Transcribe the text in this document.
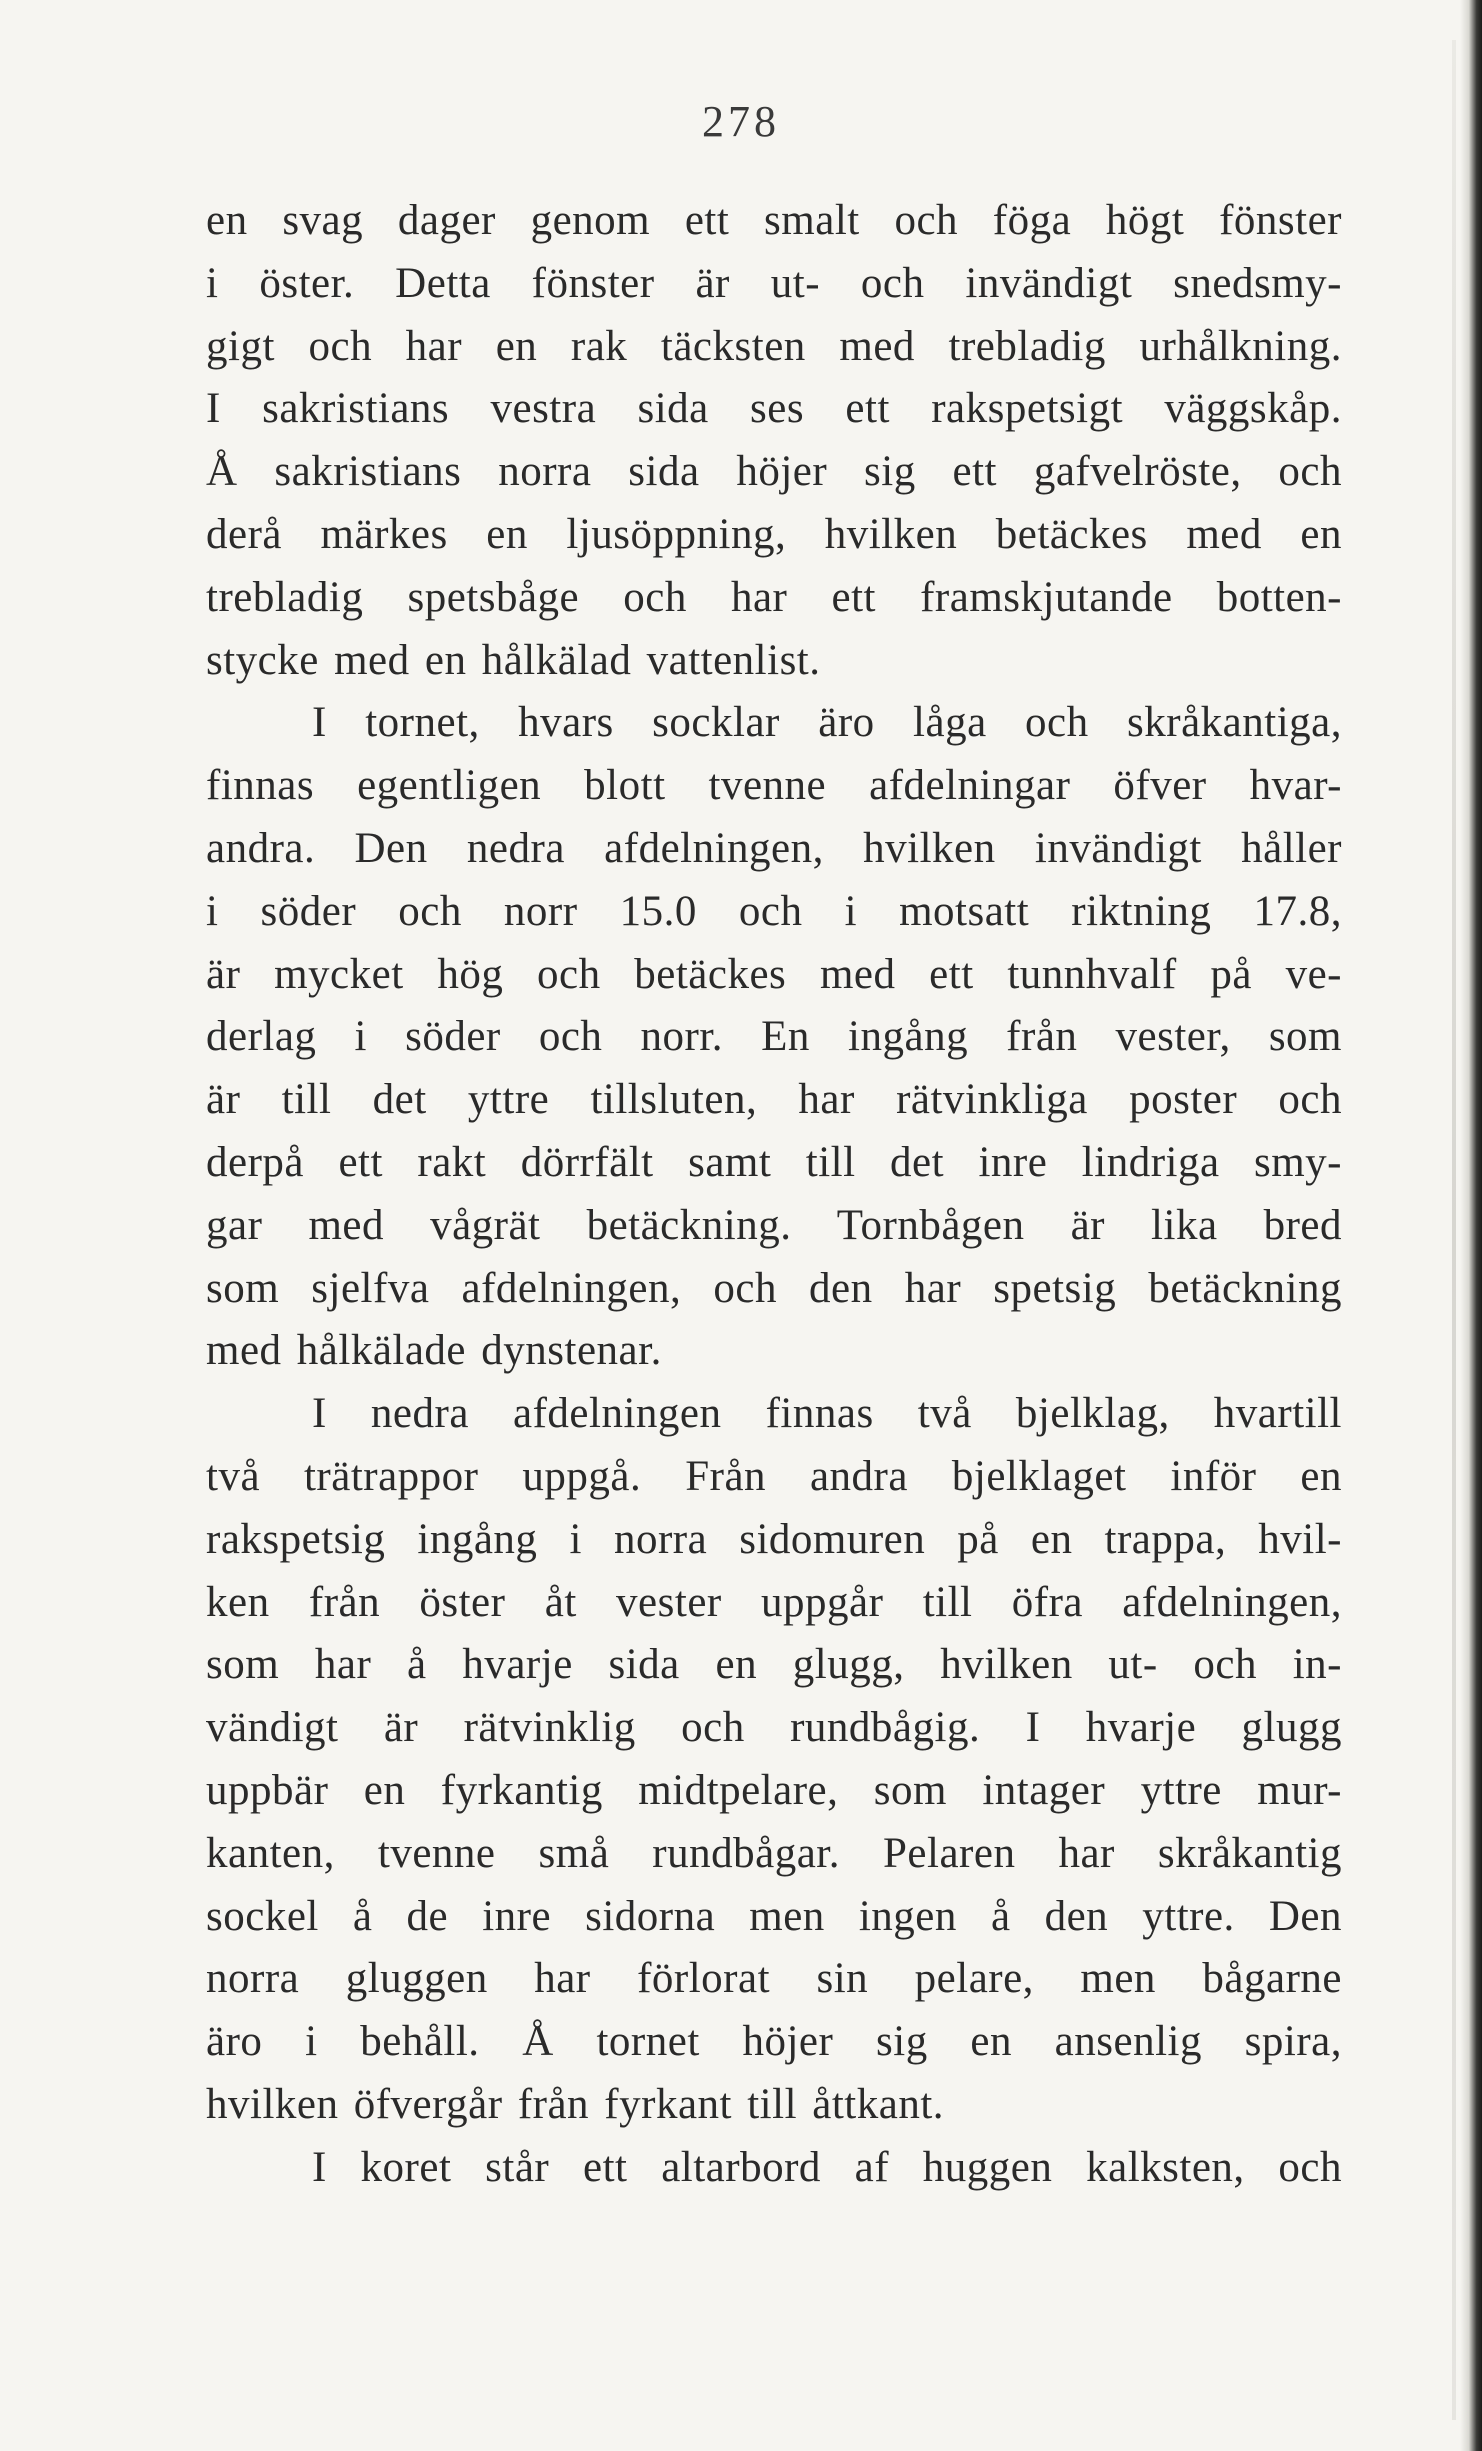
278
en svag dager genom ett smalt och föga högt fönster
i öster. Detta fönster är ut- och invändigt snedsmy-
gigt och har en rak täcksten med trebladig urhålkning.
I sakristians vestra sida ses ett rakspetsigt väggskåp.
Å sakristians norra sida höjer sig ett gafvelröste, och
derå märkes en ljusöppning, hvilken betäckes med en
trebladig spetsbåge och har ett framskjutande botten-
stycke med en hålkälad vattenlist.
I tornet, hvars socklar äro låga och skråkantiga,
finnas egentligen blott tvenne afdelningar öfver hvar-
andra. Den nedra afdelningen, hvilken invändigt håller
i söder och norr 15.0 och i motsatt riktning 17.8,
är mycket hög och betäckes med ett tunnhvalf på ve-
derlag i söder och norr. En ingång från vester, som
är till det yttre tillsluten, har rätvinkliga poster och
derpå ett rakt dörrfält samt till det inre lindriga smy-
gar med vågrät betäckning. Tornbågen är lika bred
som sjelfva afdelningen, och den har spetsig betäckning
med hålkälade dynstenar.
I nedra afdelningen finnas två bjelklag, hvartill
två trätrappor uppgå. Från andra bjelklaget inför en
rakspetsig ingång i norra sidomuren på en trappa, hvil-
ken från öster åt vester uppgår till öfra afdelningen,
som har å hvarje sida en glugg, hvilken ut- och in-
vändigt är rätvinklig och rundbågig. I hvarje glugg
uppbär en fyrkantig midtpelare, som intager yttre mur-
kanten, tvenne små rundbågar. Pelaren har skråkantig
sockel å de inre sidorna men ingen å den yttre. Den
norra gluggen har förlorat sin pelare, men bågarne
äro i behåll. Å tornet höjer sig en ansenlig spira,
hvilken öfvergår från fyrkant till åttkant.
I koret står ett altarbord af huggen kalksten, och
